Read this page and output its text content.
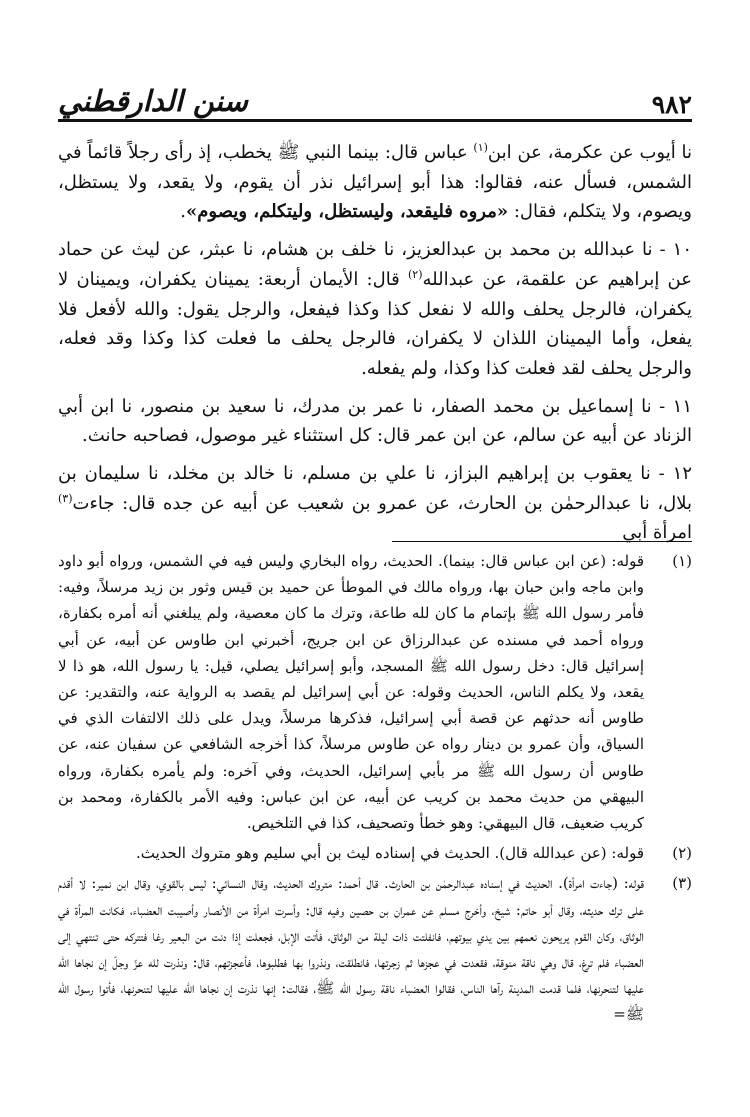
٩٨٢
سنن الدارقطني

نا أيوب عن عكرمة، عن ابن$^{(١)}$ عباس قال: بينما النبي ﷺ يخطب، إذ رأى رجلاً قائماً في الشمس، فسأل عنه، فقالوا: هذا أبو إسرائيل نذر أن يقوم، ولا يقعد، ولا يستظل، ويصوم، ولا يتكلم، فقال: «مروه فليقعد، وليستظل، وليتكلم، ويصوم».

١٠ - نا عبدالله بن محمد بن عبدالعزيز، نا خلف بن هشام، نا عبثر، عن ليث عن حماد عن إبراهيم عن علقمة، عن عبدالله$^{(٢)}$ قال: الأيمان أربعة: يمينان يكفران، ويمينان لا يكفران، فالرجل يحلف والله لا نفعل كذا وكذا فيفعل، والرجل يقول: والله لأفعل فلا يفعل، وأما اليمينان اللذان لا يكفران، فالرجل يحلف ما فعلت كذا وكذا وقد فعله، والرجل يحلف لقد فعلت كذا وكذا، ولم يفعله.

١١ - نا إسماعيل بن محمد الصفار، نا عمر بن مدرك، نا سعيد بن منصور، نا ابن أبي الزناد عن أبيه عن سالم، عن ابن عمر قال: كل استثناء غير موصول، فصاحبه حانث.

١٢ - نا يعقوب بن إبراهيم البزاز، نا علي بن مسلم، نا خالد بن مخلد، نا سليمان بن بلال، نا عبدالرحمٰن بن الحارث، عن عمرو بن شعيب عن أبيه عن جده قال: جاءت$^{(٣)}$ امرأة أبي

(١)
قوله: (عن ابن عباس قال: بينما). الحديث، رواه البخاري وليس فيه في الشمس، ورواه أبو داود وابن ماجه وابن حبان بها، ورواه مالك في الموطأ عن حميد بن قيس وثور بن زيد مرسلاً، وفيه: فأمر رسول الله ﷺ بإتمام ما كان لله طاعة، وترك ما كان معصية، ولم يبلغني أنه أمره بكفارة، ورواه أحمد في مسنده عن عبدالرزاق عن ابن جريج، أخبرني ابن طاوس عن أبيه، عن أبي إسرائيل قال: دخل رسول الله ﷺ المسجد، وأبو إسرائيل يصلي، قيل: يا رسول الله، هو ذا لا يقعد، ولا يكلم الناس، الحديث وقوله: عن أبي إسرائيل لم يقصد به الرواية عنه، والتقدير: عن طاوس أنه حدثهم عن قصة أبي إسرائيل، فذكرها مرسلاً، ويدل على ذلك الالتفات الذي في السياق، وأن عمرو بن دينار رواه عن طاوس مرسلاً، كذا أخرجه الشافعي عن سفيان عنه، عن طاوس أن رسول الله ﷺ مر بأبي إسرائيل، الحديث، وفي آخره: ولم يأمره بكفارة، ورواه البيهقي من حديث محمد بن كريب عن أبيه، عن ابن عباس: وفيه الأمر بالكفارة، ومحمد بن كريب ضعيف، قال البيهقي: وهو خطأ وتصحيف، كذا في التلخيص.
(٢)
قوله: (عن عبدالله قال). الحديث في إسناده ليث بن أبي سليم وهو متروك الحديث.
(٣)
قوله: (جاءت امرأة). الحديث في إسناده عبدالرحمٰن بن الحارث. قال أحمد: متروك الحديث، وقال النسائي: ليس بالقوي، وقال ابن نمير: لا أقدم على ترك حديثه، وقال أبو حاتم: شيخ، وأخرج مسلم عن عمران بن حصين وفيه قال: وأسرت امرأة من الأنصار وأصيبت العضباء، فكانت المرأة في الوثاق، وكان القوم يريحون نعمهم بين يدي بيوتهم، فانفلتت ذات ليلة من الوثاق، فأتت الإبل، فجعلت إذا دنت من البعير رغا فتتركه حتى تنتهي إلى العضباء فلم ترغ، قال وهي ناقة منوقة، فقعدت في عجزها ثم زجرتها، فانطلقت، ونذروا بها فطلبوها، فأعجزتهم، قال: ونذرت لله عزّ وجلّ إن نجاها الله عليها لتنحرنها، فلما قدمت المدينة رآها الناس، فقالوا العضباء ناقة رسول الله ﷺ، فقالت: إنها نذرت إن نجاها الله عليها لتنحرنها، فأتوا رسول الله ﷺ=
